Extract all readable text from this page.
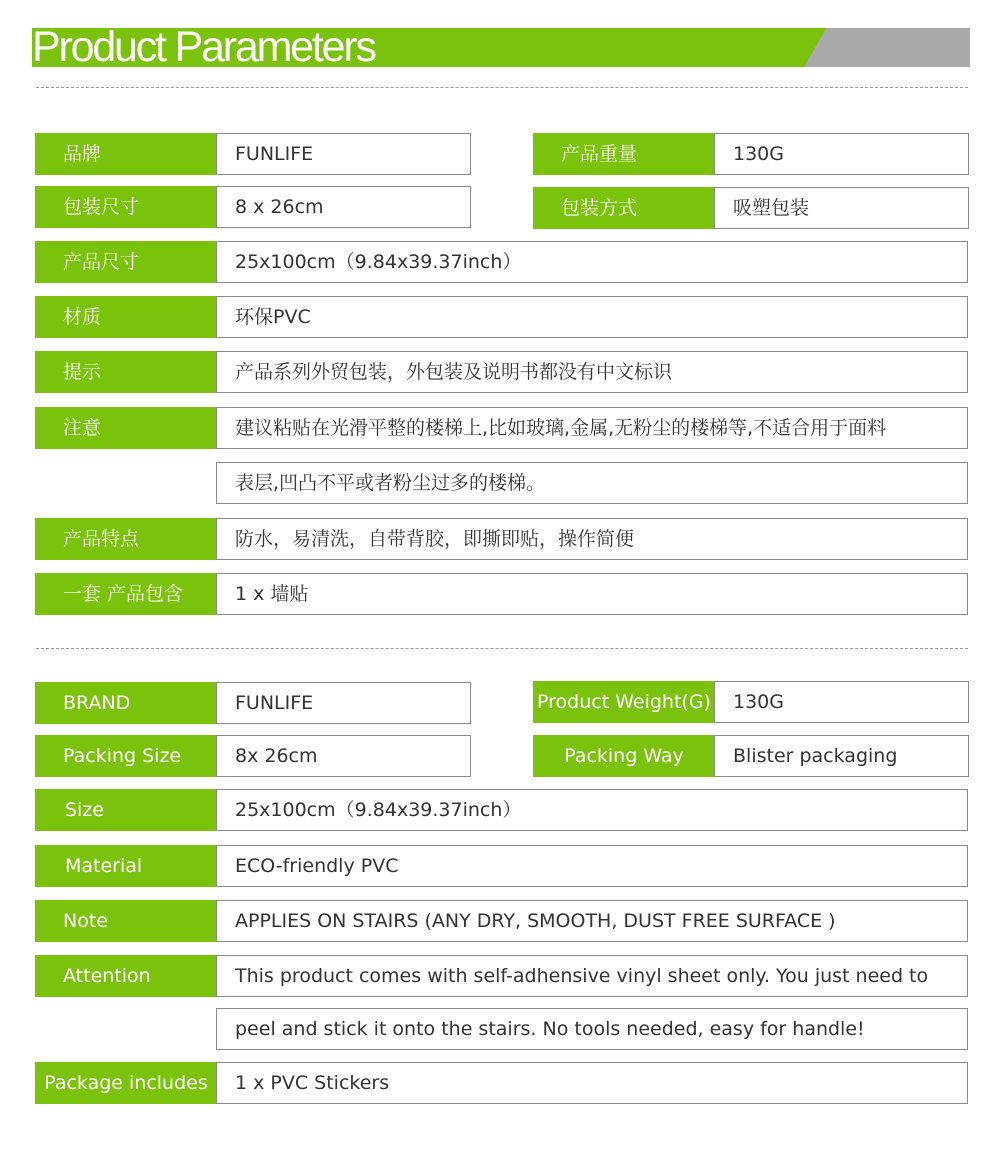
Product Parameters
品牌	FUNLIFE	产品重量	130G
包装尺寸	8 x 26cm	包装方式	吸塑包装
产品尺寸	25x100cm（9.84x39.37inch）
材质	环保PVC
提示	产品系列外贸包装，外包装及说明书都没有中文标识
注意	建议粘贴在光滑平整的楼梯上,比如玻璃,金属,无粉尘的楼梯等,不适合用于面料
表层,凹凸不平或者粉尘过多的楼梯。
产品特点	防水，易清洗，自带背胶，即撕即贴，操作简便
一套 产品包含	1 x 墙贴
BRAND	FUNLIFE	Product Weight(G)	130G
Packing Size	8x 26cm	Packing Way	Blister packaging
Size	25x100cm（9.84x39.37inch）
Material	ECO-friendly PVC
Note	APPLIES ON STAIRS (ANY DRY, SMOOTH, DUST FREE SURFACE )
Attention	This product comes with self-adhensive vinyl sheet only. You just need to
peel and stick it onto the stairs. No tools needed, easy for handle!
Package includes	1 x PVC Stickers
